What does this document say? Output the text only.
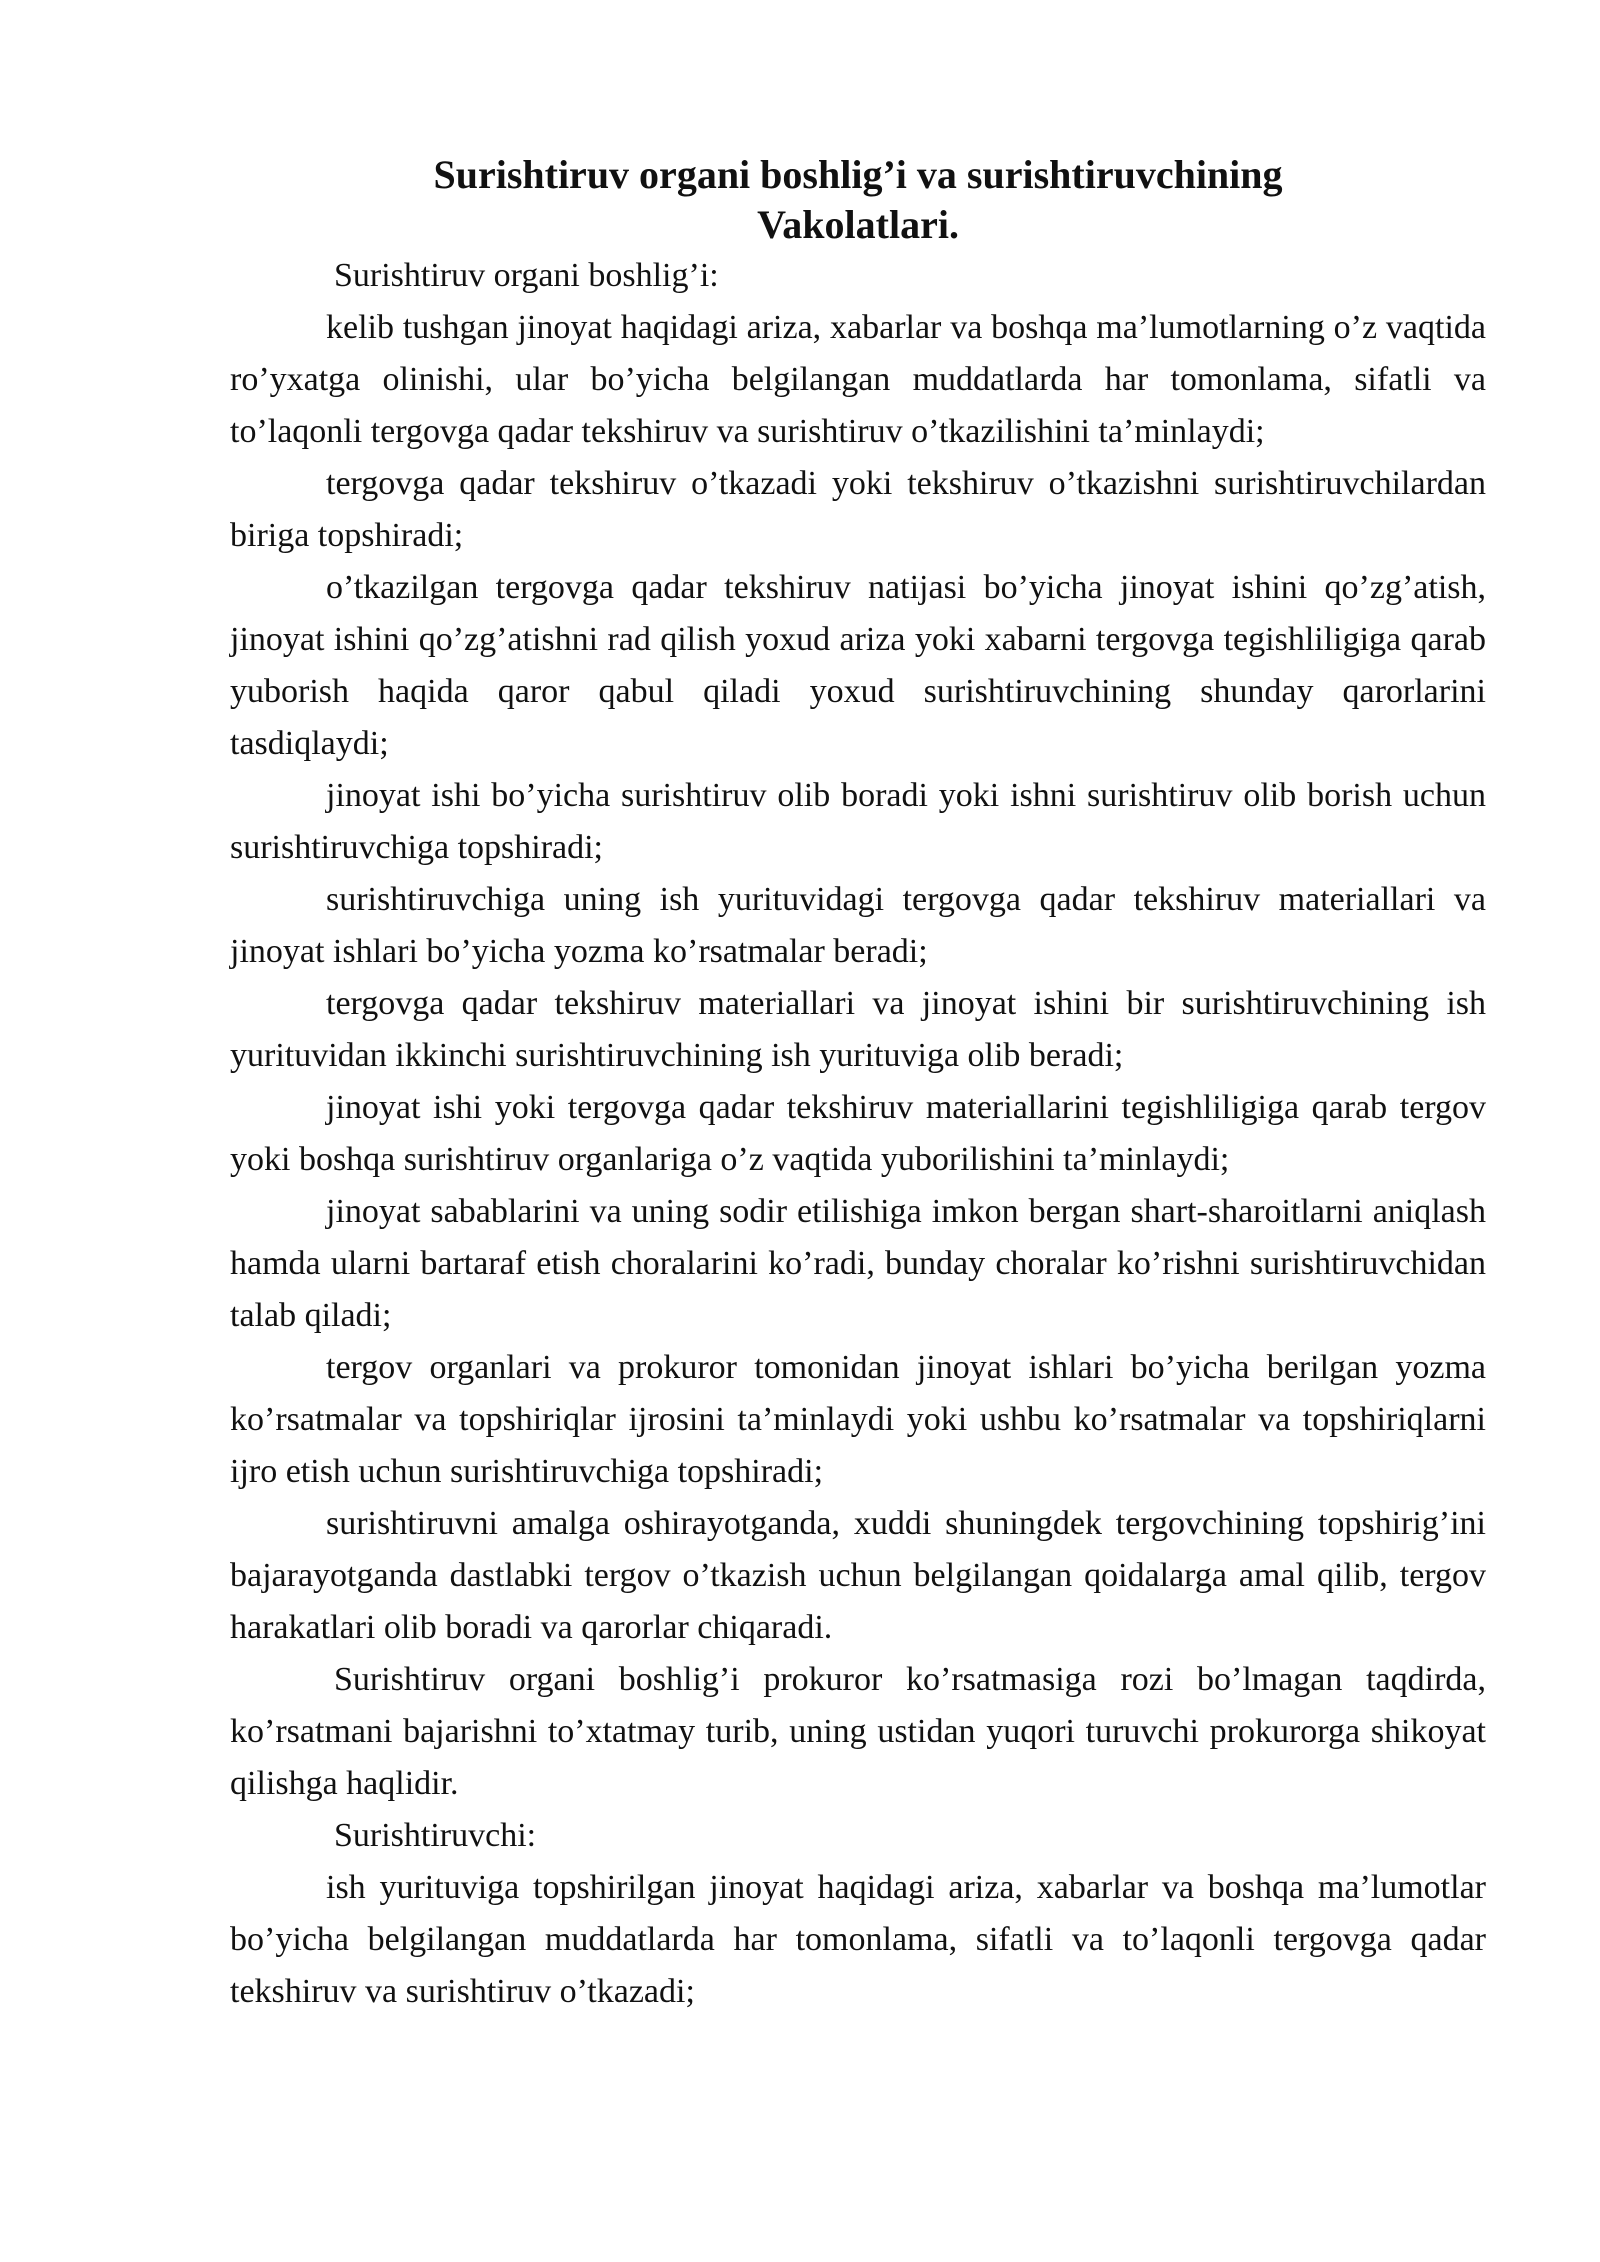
Surishtiruv organi boshlig’i va surishtiruvchining
Vakolatlari.

Surishtiruv organi boshlig’i:

kelib tushgan jinoyat haqidagi ariza, xabarlar va boshqa ma’lumotlarning o’z vaqtida ro’yxatga olinishi, ular bo’yicha belgilangan muddatlarda har tomonlama, sifatli va to’laqonli tergovga qadar tekshiruv va surishtiruv o’tkazilishini ta’minlaydi;

tergovga qadar tekshiruv o’tkazadi yoki tekshiruv o’tkazishni surishtiruvchilardan biriga topshiradi;

o’tkazilgan tergovga qadar tekshiruv natijasi bo’yicha jinoyat ishini qo’zg’atish, jinoyat ishini qo’zg’atishni rad qilish yoxud ariza yoki xabarni tergovga tegishliligiga qarab yuborish haqida qaror qabul qiladi yoxud surishtiruvchining shunday qarorlarini tasdiqlaydi;

jinoyat ishi bo’yicha surishtiruv olib boradi yoki ishni surishtiruv olib borish uchun surishtiruvchiga topshiradi;

surishtiruvchiga uning ish yurituvidagi tergovga qadar tekshiruv materiallari va jinoyat ishlari bo’yicha yozma ko’rsatmalar beradi;

tergovga qadar tekshiruv materiallari va jinoyat ishini bir surishtiruvchining ish yurituvidan ikkinchi surishtiruvchining ish yurituviga olib beradi;

jinoyat ishi yoki tergovga qadar tekshiruv materiallarini tegishliligiga qarab tergov yoki boshqa surishtiruv organlariga o’z vaqtida yuborilishini ta’minlaydi;

jinoyat sabablarini va uning sodir etilishiga imkon bergan shart-sharoitlarni aniqlash hamda ularni bartaraf etish choralarini ko’radi, bunday choralar ko’rishni surishtiruvchidan talab qiladi;

tergov organlari va prokuror tomonidan jinoyat ishlari bo’yicha berilgan yozma ko’rsatmalar va topshiriqlar ijrosini ta’minlaydi yoki ushbu ko’rsatmalar va topshiriqlarni ijro etish uchun surishtiruvchiga topshiradi;

surishtiruvni amalga oshirayotganda, xuddi shuningdek tergovchining topshirig’ini bajarayotganda dastlabki tergov o’tkazish uchun belgilangan qoidalarga amal qilib, tergov harakatlari olib boradi va qarorlar chiqaradi.

Surishtiruv organi boshlig’i prokuror ko’rsatmasiga rozi bo’lmagan taqdirda, ko’rsatmani bajarishni to’xtatmay turib, uning ustidan yuqori turuvchi prokurorga shikoyat qilishga haqlidir.

Surishtiruvchi:

ish yurituviga topshirilgan jinoyat haqidagi ariza, xabarlar va boshqa ma’lumotlar bo’yicha belgilangan muddatlarda har tomonlama, sifatli va to’laqonli tergovga qadar tekshiruv va surishtiruv o’tkazadi;
